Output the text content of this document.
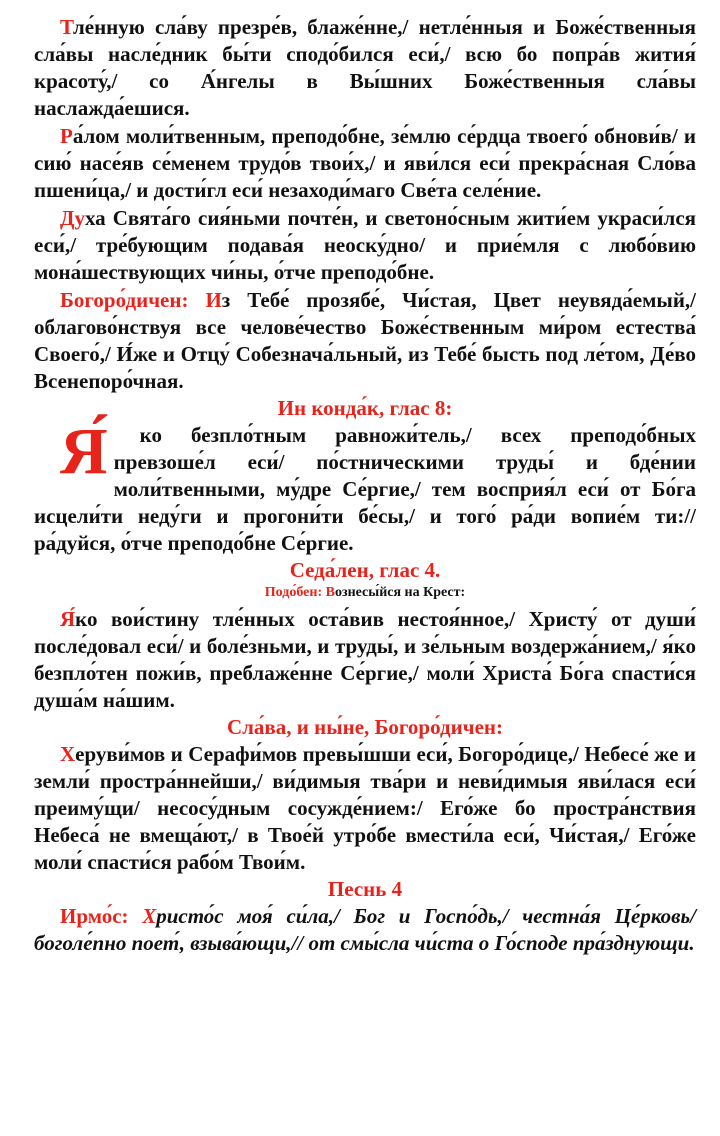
Тле́нную сла́ву презре́в, блаже́нне,/ нетле́нныя и Боже́ственныя сла́вы насле́дник бы́ти сподо́бился еси́,/ всю бо попра́в жития́ красоту́,/ со А́нгелы в Вы́шних Боже́ственныя сла́вы наслажда́ешися.

Ра́лом моли́твенным, преподо́бне, зе́млю се́рдца твоего́ обнови́в/ и сию́ насе́яв се́менем трудо́в твои́х,/ и яви́лся еси́ прекра́сная Сло́ва пшени́ца,/ и дости́гл еси́ незаходи́маго Све́та селе́ние.

Духа Свята́го сия́ньми почте́н, и светоно́сным жити́ем украси́лся еси́,/ тре́бующим подава́я неоску́дно/ и прие́мля с любо́вию мона́шествующих чи́ны, о́тче преподо́бне.

Богоро́дичен: Из Тебе́ прозябе́, Чи́стая, Цвет неувяда́емый,/ облагово́нствуя все челове́чество Боже́ственным ми́ром естества́ Своего́,/ И́же и Отцу́ Собезнача́льный, из Тебе́ бысть под ле́том, Де́во Всенепоро́чная.

Ин конда́к, глас 8:

Я́ ко безпло́тным равножи́тель,/ всех преподо́бных превзоше́л еси́/ по́стническими труды́ и бде́нии моли́твенными, му́дре Се́ргие,/ тем восприя́л еси́ от Бо́га исцели́ти неду́ги и прогони́ти бе́сы,/ и того́ ра́ди вопие́м ти:// ра́дуйся, о́тче преподо́бне Се́ргие.

Седа́лен, глас 4.
Подо́бен: Вознесы́йся на Крест:

Я́ко вои́стину тле́нных оста́вив нестоя́нное,/ Христу́ от души́ после́довал еси́/ и боле́зньми, и труды́, и зе́льным воздержа́нием,/ я́ко безпло́тен пожи́в, преблаже́нне Се́ргие,/ моли́ Христа́ Бо́га спасти́ся душа́м на́шим.

Сла́ва, и ны́не, Богоро́дичен:

Херуви́мов и Серафи́мов превы́шши еси́, Богоро́дице,/ Небесе́ же и земли́ простра́ннейши,/ ви́димыя тва́ри и неви́димыя яви́лася еси́ преиму́щи/ несосу́дным сосужде́нием:/ Его́же бо простра́нствия Небеса́ не вмеща́ют,/ в Твое́й утро́бе вмести́ла еси́, Чи́стая,/ Его́же моли́ спасти́ся рабо́м Твои́м.

Песнь 4

Ирмо́с: Христо́с моя́ си́ла,/ Бог и Госпо́дь,/ честна́я Це́рковь/ боголе́пно поет́, взыва́ющи,// от смы́сла чи́ста о Го́споде пра́зднующи.
